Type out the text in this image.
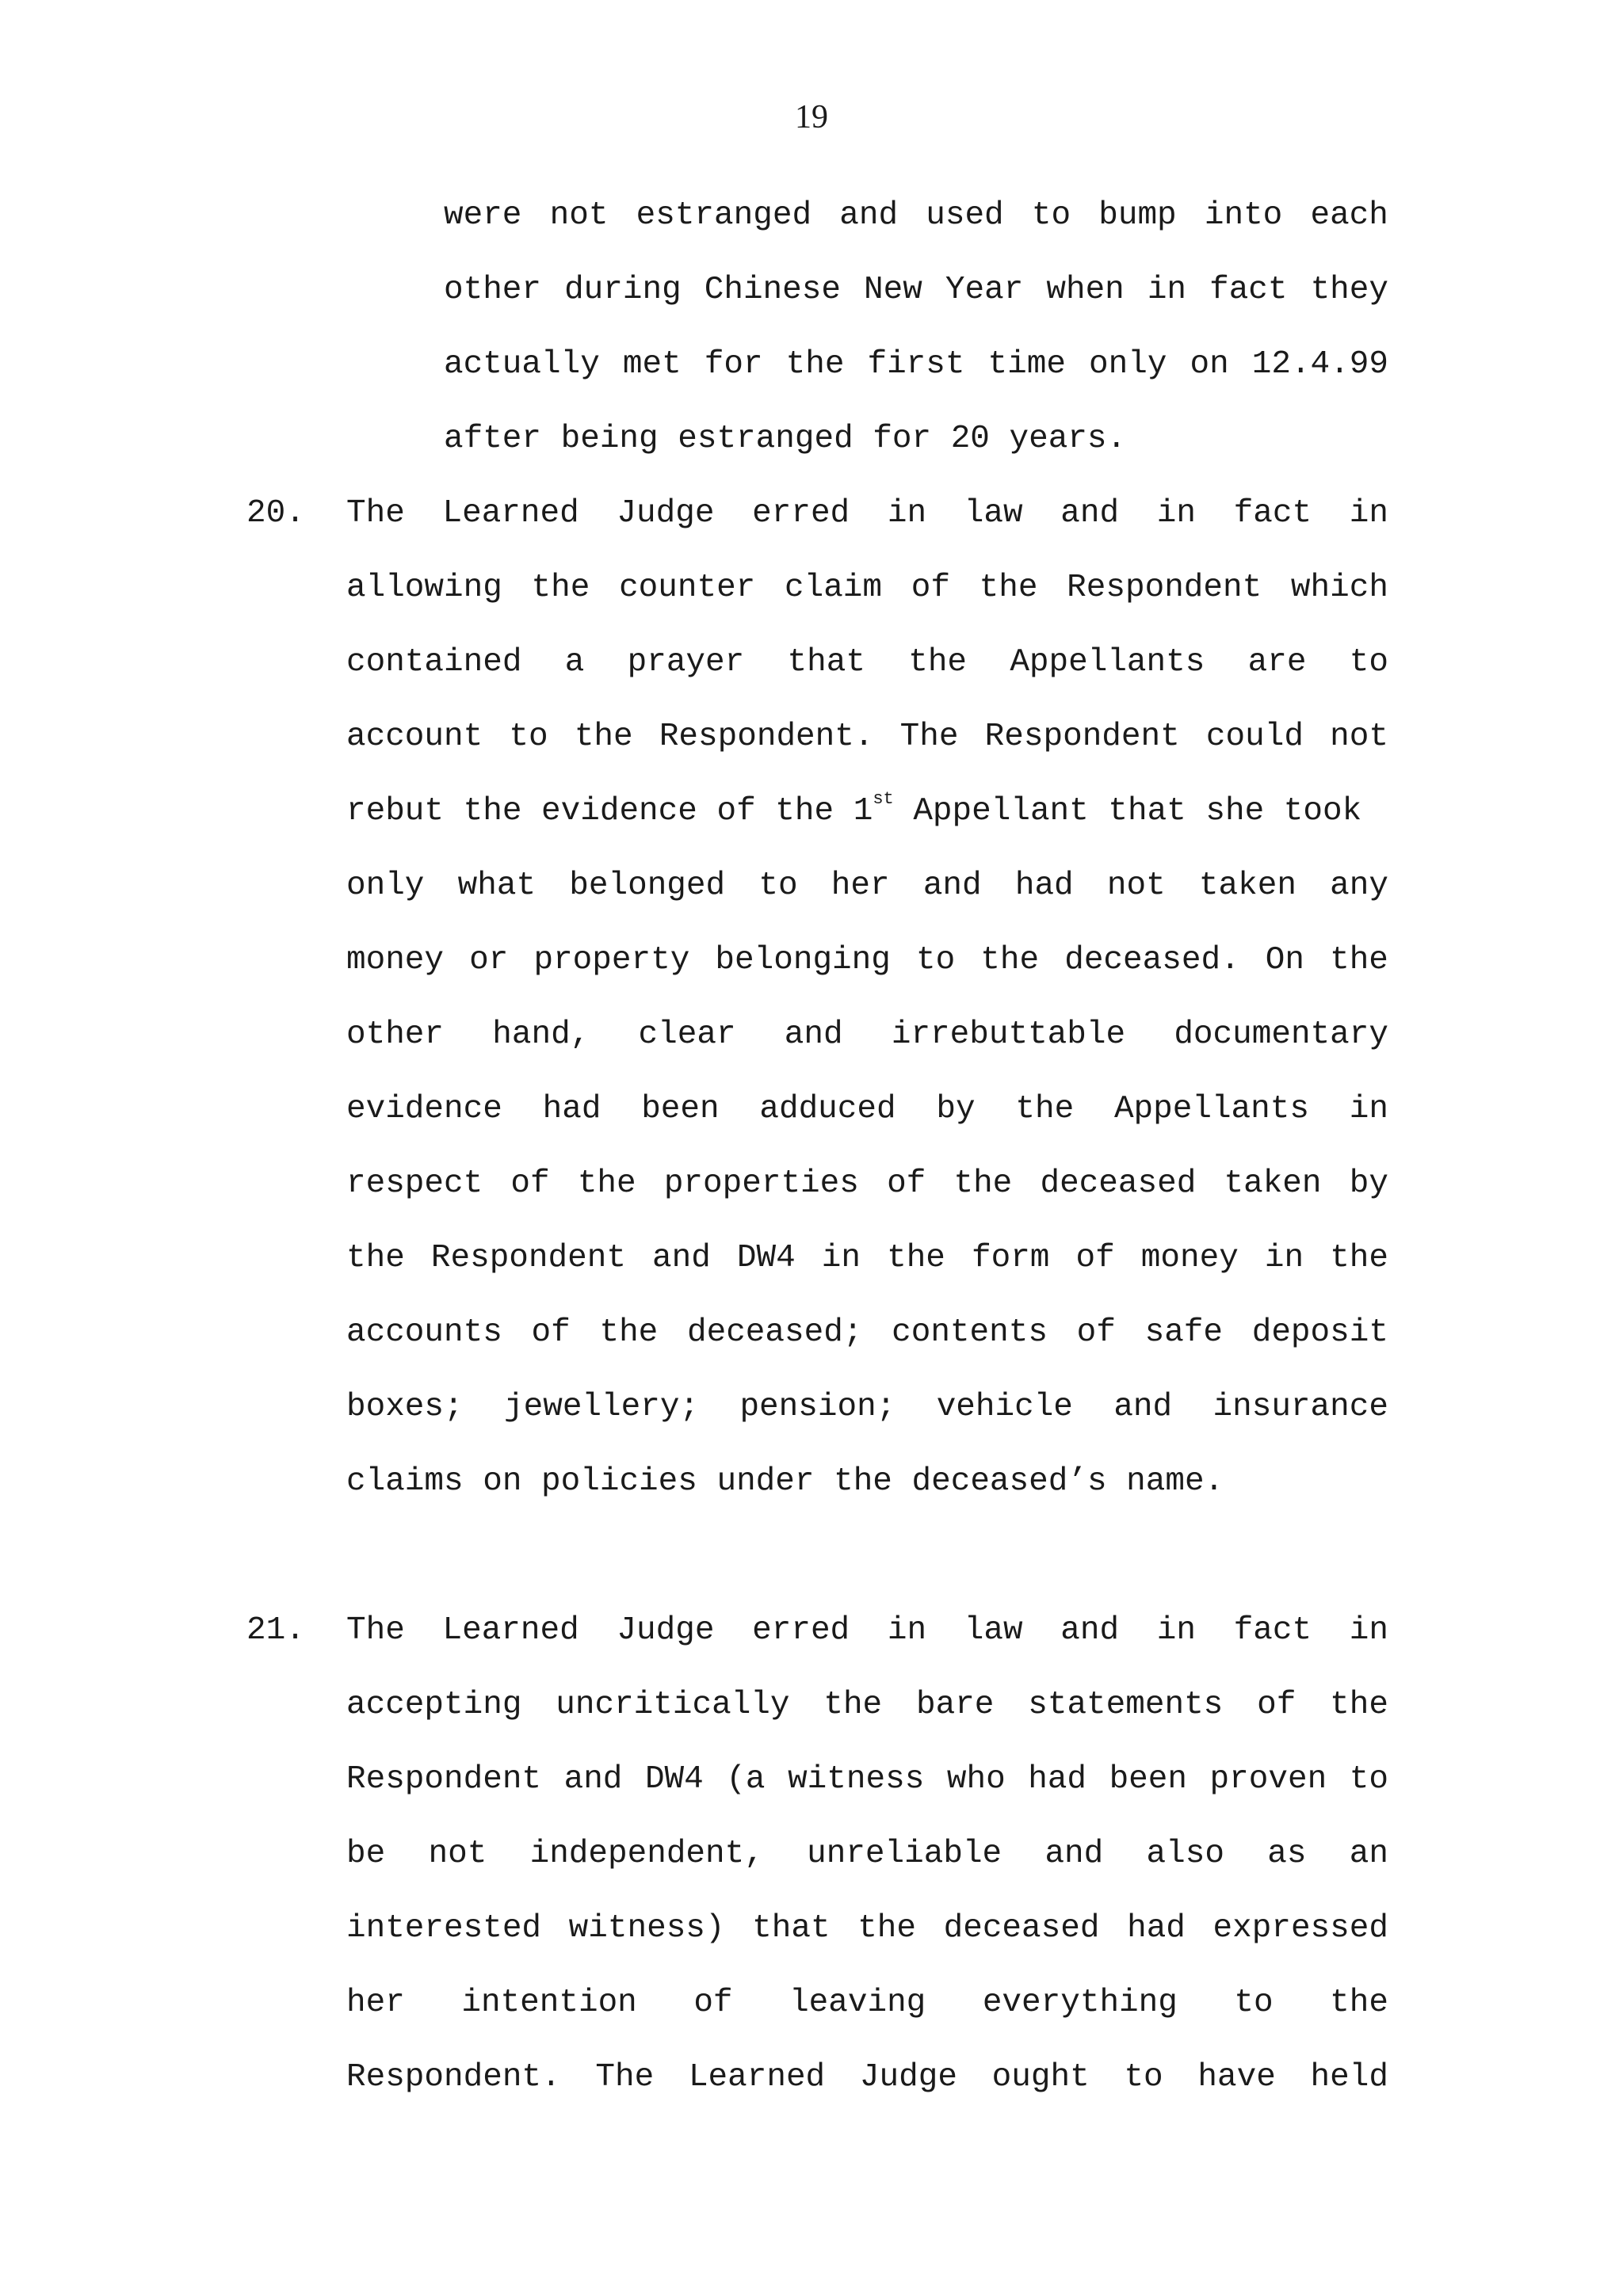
19
were not estranged and used to bump into each
other during Chinese New Year when in fact they
actually met for the first time only on 12.4.99
after being estranged for 20 years.
20. The Learned Judge erred in law and in fact in
allowing the counter claim of the Respondent which
contained a prayer that the Appellants are to
account to the Respondent. The Respondent could not
rebut the evidence of the 1st Appellant that she took
only what belonged to her and had not taken any
money or property belonging to the deceased. On the
other hand, clear and irrebuttable documentary
evidence had been adduced by the Appellants in
respect of the properties of the deceased taken by
the Respondent and DW4 in the form of money in the
accounts of the deceased; contents of safe deposit
boxes; jewellery; pension; vehicle and insurance
claims on policies under the deceased’s name.
21. The Learned Judge erred in law and in fact in
accepting uncritically the bare statements of the
Respondent and DW4 (a witness who had been proven to
be not independent, unreliable and also as an
interested witness) that the deceased had expressed
her intention of leaving everything to the
Respondent. The Learned Judge ought to have held
